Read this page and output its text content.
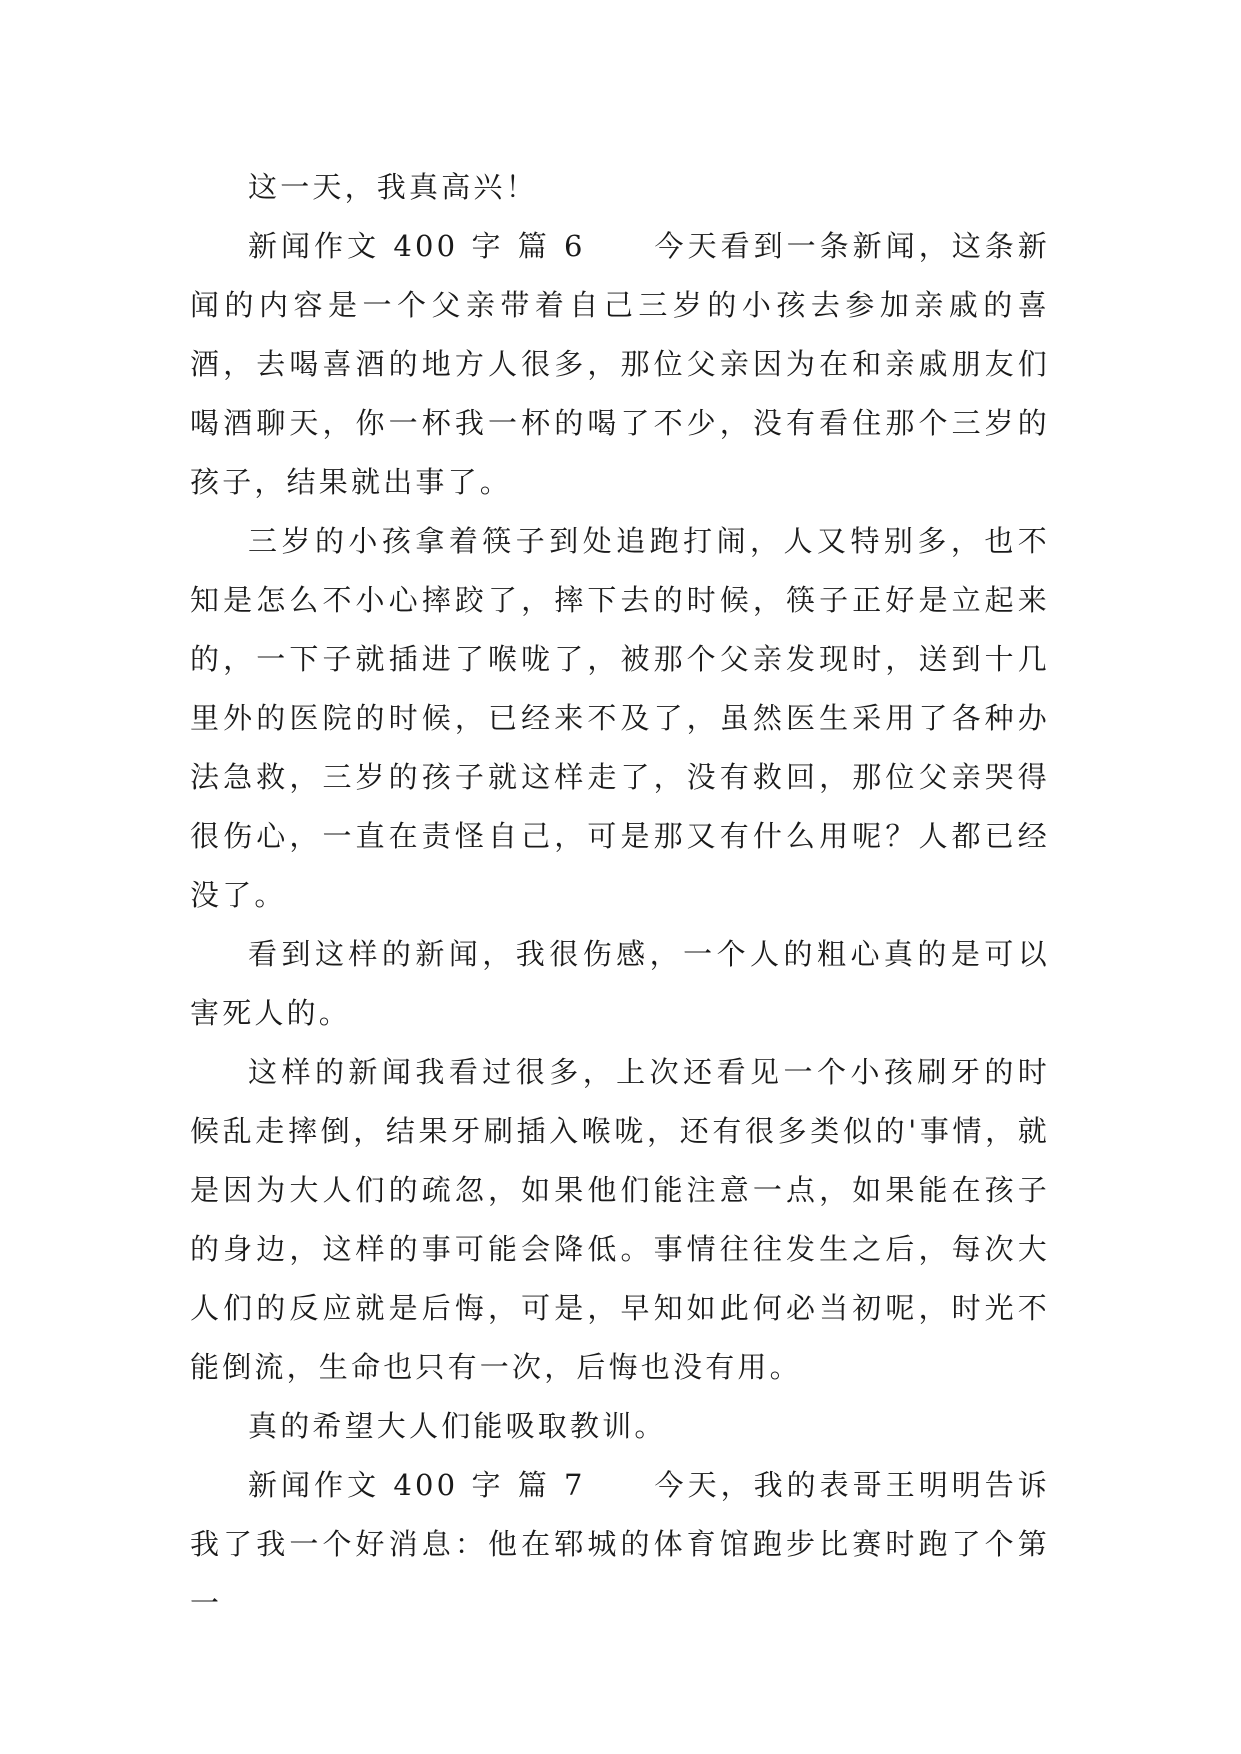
这一天，我真高兴！

新闻作文 400 字 篇 6 今天看到一条新闻，这条新闻的内容是一个父亲带着自己三岁的小孩去参加亲戚的喜酒，去喝喜酒的地方人很多，那位父亲因为在和亲戚朋友们喝酒聊天，你一杯我一杯的喝了不少，没有看住那个三岁的孩子，结果就出事了。

三岁的小孩拿着筷子到处追跑打闹，人又特别多，也不知是怎么不小心摔跤了，摔下去的时候，筷子正好是立起来的，一下子就插进了喉咙了，被那个父亲发现时，送到十几里外的医院的时候，已经来不及了，虽然医生采用了各种办法急救，三岁的孩子就这样走了，没有救回，那位父亲哭得很伤心，一直在责怪自己，可是那又有什么用呢？人都已经没了。

看到这样的新闻，我很伤感，一个人的粗心真的是可以害死人的。

这样的新闻我看过很多，上次还看见一个小孩刷牙的时候乱走摔倒，结果牙刷插入喉咙，还有很多类似的'事情，就是因为大人们的疏忽，如果他们能注意一点，如果能在孩子的身边，这样的事可能会降低。事情往往发生之后，每次大人们的反应就是后悔，可是，早知如此何必当初呢，时光不能倒流，生命也只有一次，后悔也没有用。

真的希望大人们能吸取教训。

新闻作文 400 字 篇 7 今天，我的表哥王明明告诉我了我一个好消息：他在郓城的体育馆跑步比赛时跑了个第一
